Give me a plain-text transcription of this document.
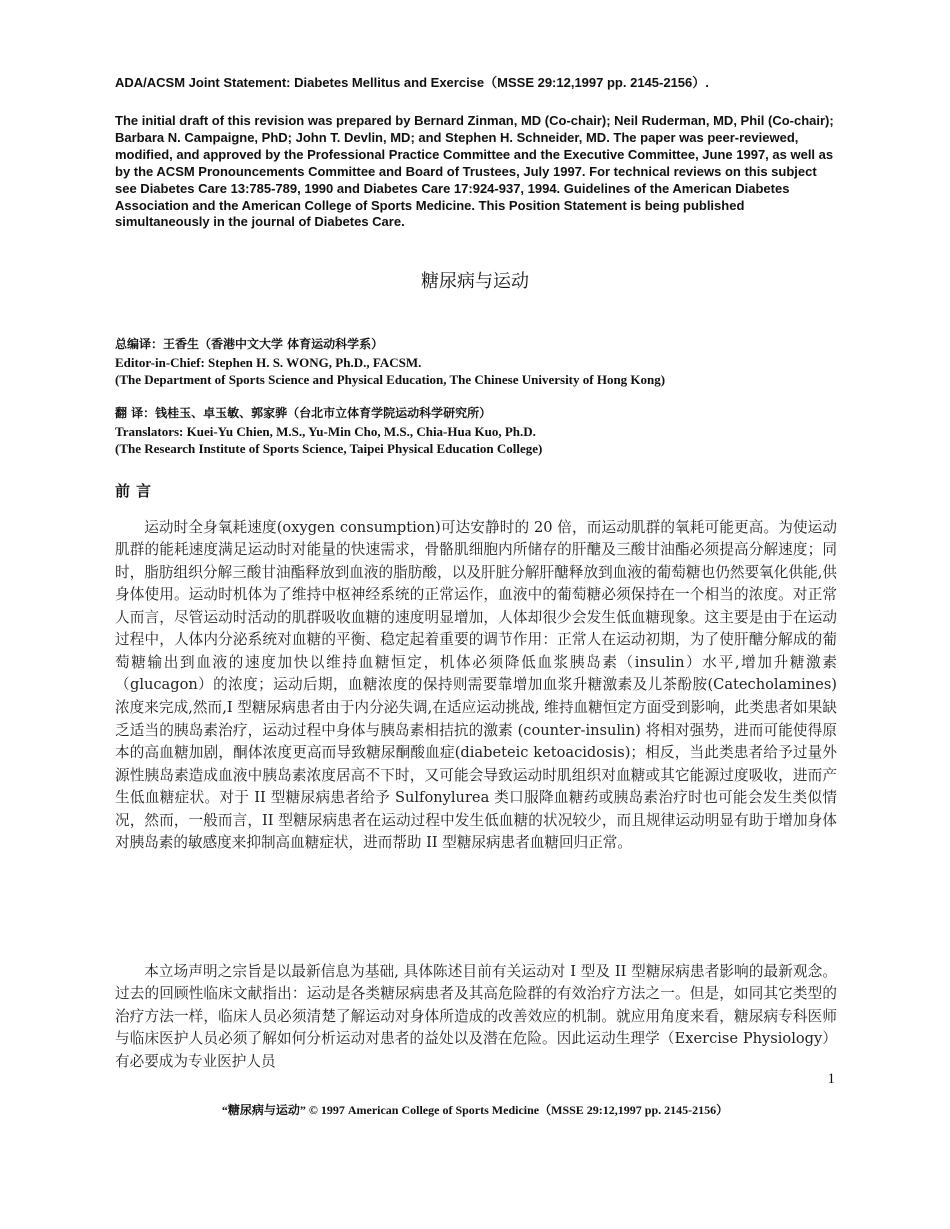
ADA/ACSM Joint Statement: Diabetes Mellitus and Exercise（MSSE 29:12,1997 pp. 2145-2156）.
The initial draft of this revision was prepared by Bernard Zinman, MD (Co-chair); Neil Ruderman, MD, Phil (Co-chair); Barbara N. Campaigne, PhD; John T. Devlin, MD; and Stephen H. Schneider, MD. The paper was peer-reviewed, modified, and approved by the Professional Practice Committee and the Executive Committee, June 1997, as well as by the ACSM Pronouncements Committee and Board of Trustees, July 1997. For technical reviews on this subject see Diabetes Care 13:785-789, 1990 and Diabetes Care 17:924-937, 1994. Guidelines of the American Diabetes Association and the American College of Sports Medicine. This Position Statement is being published simultaneously in the journal of Diabetes Care.
糖尿病与运动
总编译：王香生（香港中文大学 体育运动科学系）
Editor-in-Chief: Stephen H. S. WONG, Ph.D., FACSM.
(The Department of Sports Science and Physical Education, The Chinese University of Hong Kong)
翻 译：钱桂玉、卓玉敏、郭家骅（台北市立体育学院运动科学研究所）
Translators: Kuei-Yu Chien, M.S., Yu-Min Cho, M.S., Chia-Hua Kuo, Ph.D.
(The Research Institute of Sports Science, Taipei Physical Education College)
前言

运动时全身氧耗速度(oxygen consumption)可达安静时的 20 倍，而运动肌群的氧耗可能更高。为使运动肌群的能耗速度满足运动时对能量的快速需求，骨骼肌细胞内所储存的肝醣及三酸甘油酯必须提高分解速度；同时，脂肪组织分解三酸甘油酯释放到血液的脂肪酸，以及肝脏分解肝醣释放到血液的葡萄糖也仍然要氧化供能,供身体使用。运动时机体为了维持中枢神经系统的正常运作，血液中的葡萄糖必须保持在一个相当的浓度。对正常人而言，尽管运动时活动的肌群吸收血糖的速度明显增加，人体却很少会发生低血糖现象。这主要是由于在运动过程中，人体内分泌系统对血糖的平衡、稳定起着重要的调节作用：正常人在运动初期，为了使肝醣分解成的葡萄糖输出到血液的速度加快以维持血糖恒定，机体必须降低血浆胰岛素（insulin）水平,增加升糖激素（glucagon）的浓度；运动后期，血糖浓度的保持则需要靠增加血浆升糖激素及儿茶酚胺(Catecholamines) 浓度来完成,然而,I 型糖尿病患者由于内分泌失调,在适应运动挑战, 维持血糖恒定方面受到影响，此类患者如果缺乏适当的胰岛素治疗，运动过程中身体与胰岛素相拮抗的激素 (counter-insulin) 将相对强势，进而可能使得原本的高血糖加剧，酮体浓度更高而导致糖尿酮酸血症(diabeteic ketoacidosis)；相反，当此类患者给予过量外源性胰岛素造成血液中胰岛素浓度居高不下时，又可能会导致运动时肌组织对血糖或其它能源过度吸收，进而产生低血糖症状。对于 II 型糖尿病患者给予 Sulfonylurea 类口服降血糖药或胰岛素治疗时也可能会发生类似情况，然而，一般而言，II 型糖尿病患者在运动过程中发生低血糖的状况较少，而且规律运动明显有助于增加身体对胰岛素的敏感度来抑制高血糖症状，进而帮助 II 型糖尿病患者血糖回归正常。

本立场声明之宗旨是以最新信息为基础, 具体陈述目前有关运动对 I 型及 II 型糖尿病患者影响的最新观念。过去的回顾性临床文献指出：运动是各类糖尿病患者及其高危险群的有效治疗方法之一。但是，如同其它类型的治疗方法一样，临床人员必须清楚了解运动对身体所造成的改善效应的机制。就应用角度来看，糖尿病专科医师与临床医护人员必须了解如何分析运动对患者的益处以及潜在危险。因此运动生理学（Exercise Physiology）有必要成为专业医护人员

1
“糖尿病与运动” © 1997 American College of Sports Medicine（MSSE 29:12,1997 pp. 2145-2156）
